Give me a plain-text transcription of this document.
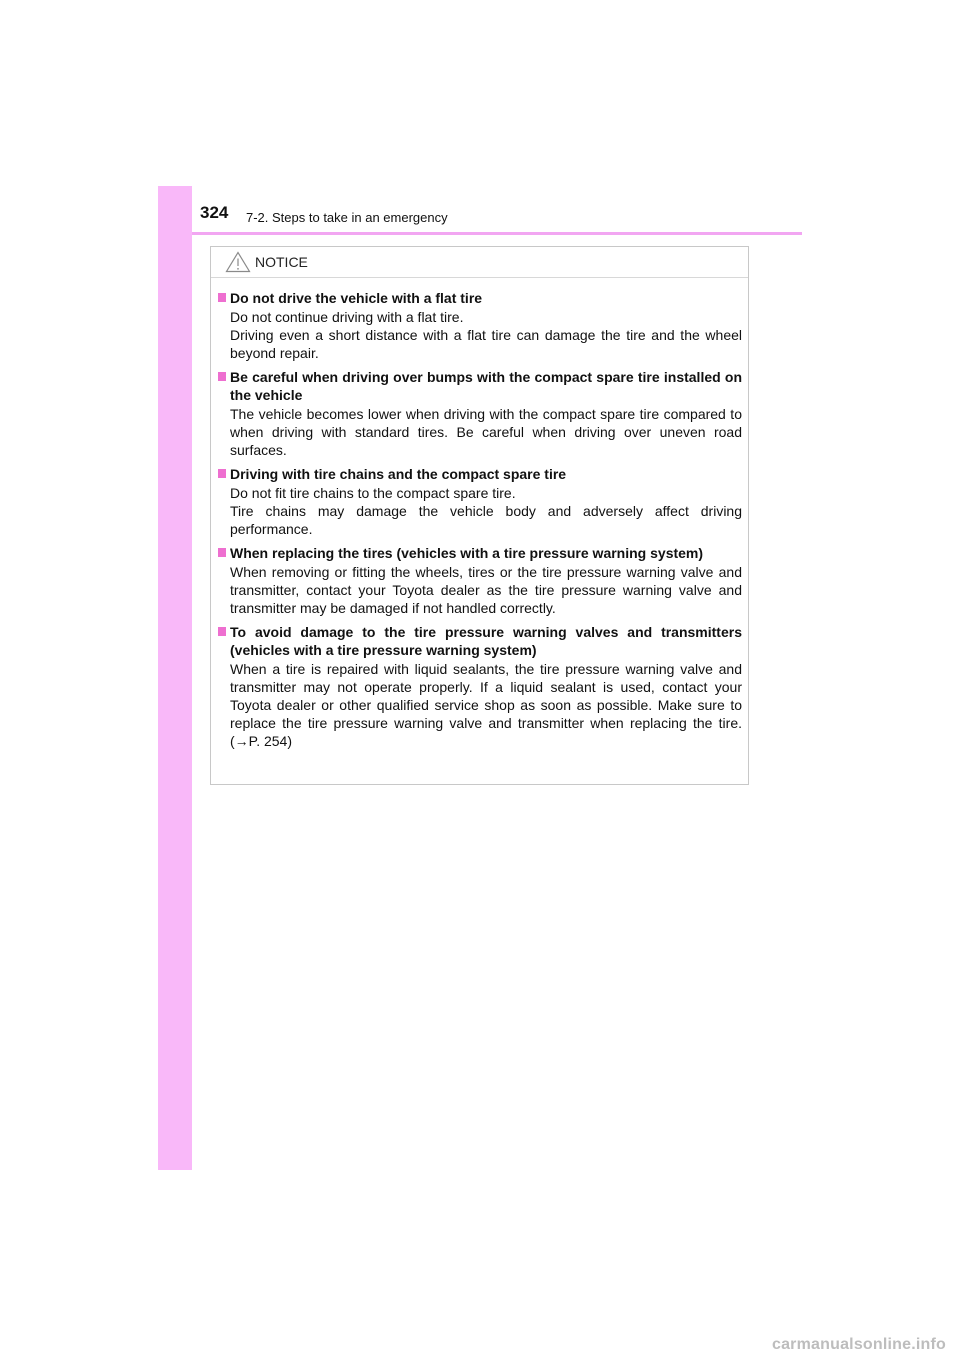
324 7-2. Steps to take in an emergency
NOTICE
Do not drive the vehicle with a flat tire
Do not continue driving with a flat tire.
Driving even a short distance with a flat tire can damage the tire and the wheel beyond repair.
Be careful when driving over bumps with the compact spare tire installed on the vehicle
The vehicle becomes lower when driving with the compact spare tire compared to when driving with standard tires. Be careful when driving over uneven road surfaces.
Driving with tire chains and the compact spare tire
Do not fit tire chains to the compact spare tire.
Tire chains may damage the vehicle body and adversely affect driving performance.
When replacing the tires (vehicles with a tire pressure warning system)
When removing or fitting the wheels, tires or the tire pressure warning valve and transmitter, contact your Toyota dealer as the tire pressure warning valve and transmitter may be damaged if not handled correctly.
To avoid damage to the tire pressure warning valves and transmitters (vehicles with a tire pressure warning system)
When a tire is repaired with liquid sealants, the tire pressure warning valve and transmitter may not operate properly. If a liquid sealant is used, contact your Toyota dealer or other qualified service shop as soon as possible. Make sure to replace the tire pressure warning valve and transmitter when replacing the tire. (→P. 254)
carmanualsonline.info
